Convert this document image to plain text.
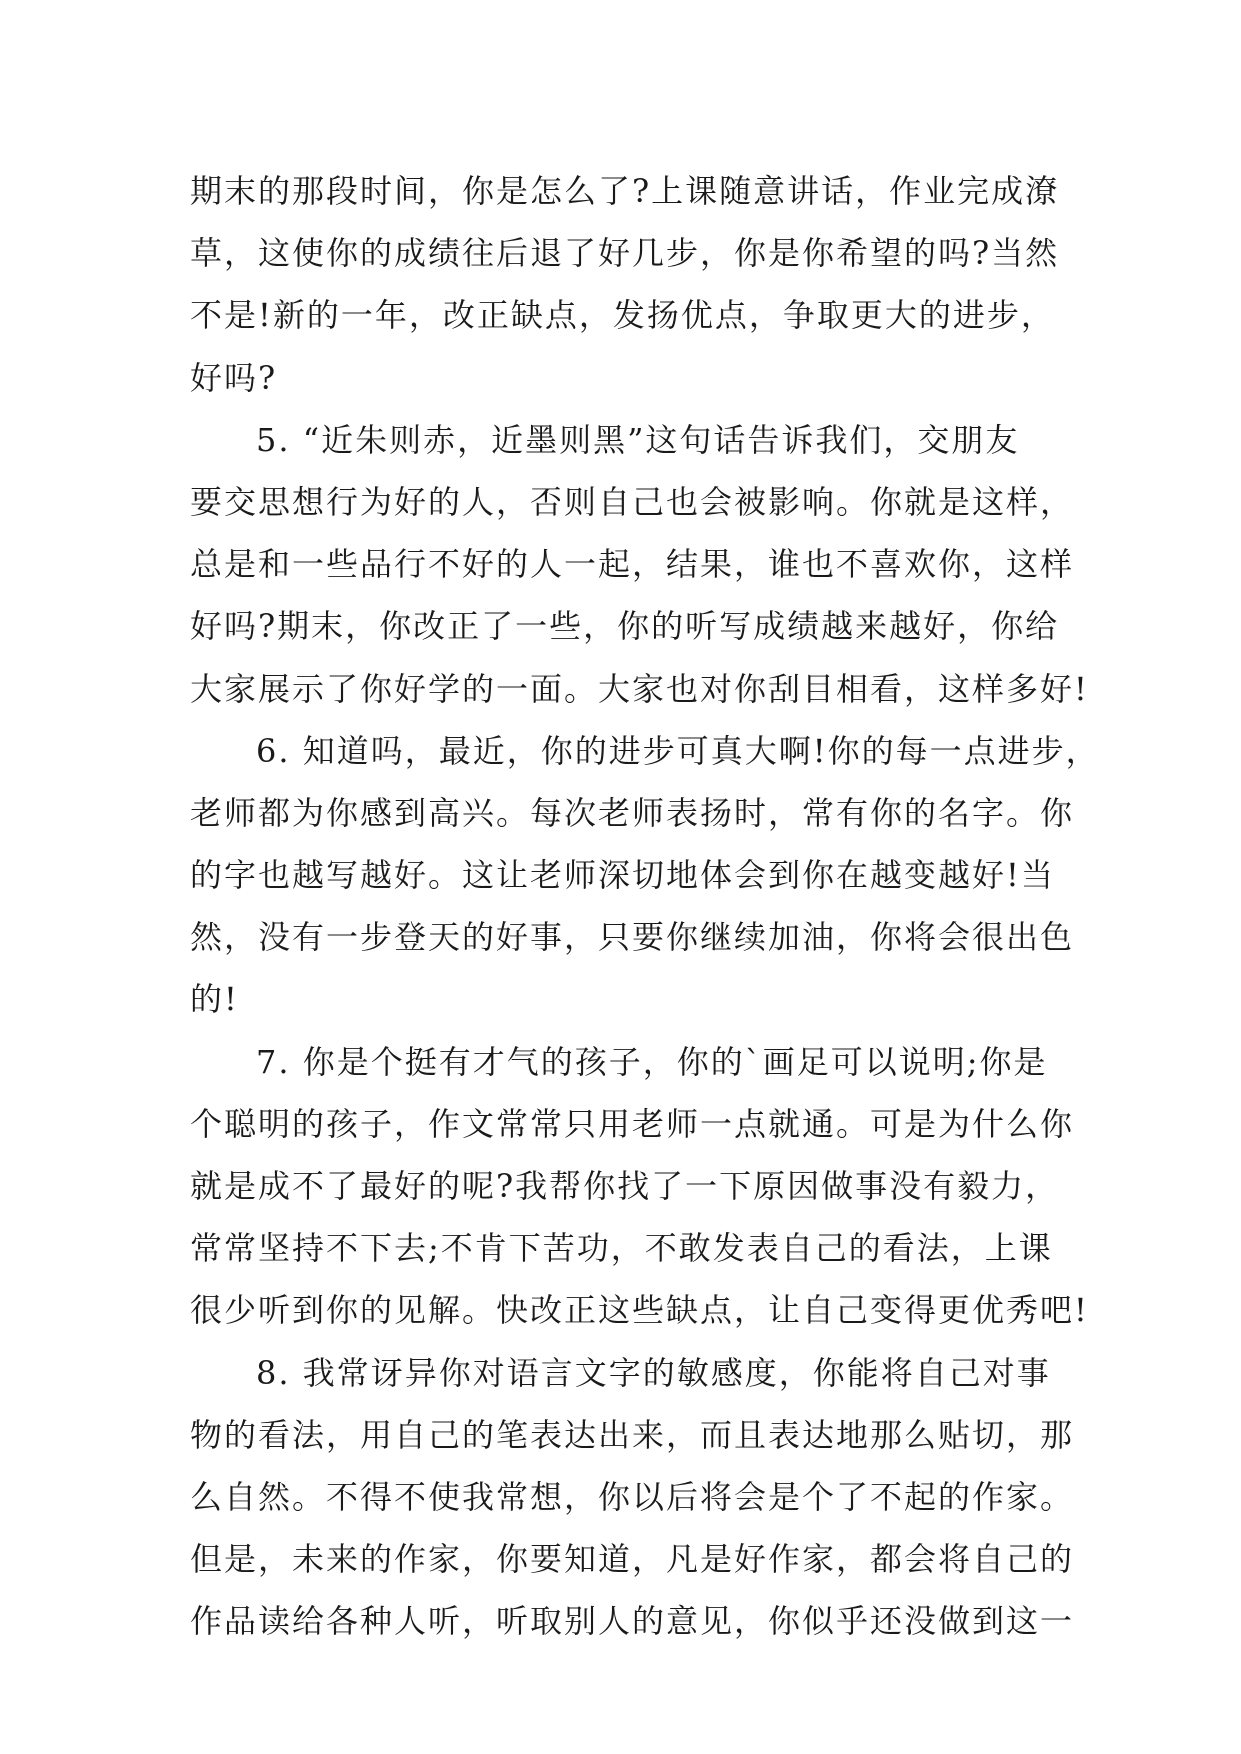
期末的那段时间，你是怎么了?上课随意讲话，作业完成潦
草，这使你的成绩往后退了好几步，你是你希望的吗?当然
不是!新的一年，改正缺点，发扬优点，争取更大的进步，
好吗?
5. “近朱则赤，近墨则黑”这句话告诉我们，交朋友
要交思想行为好的人，否则自己也会被影响。你就是这样，
总是和一些品行不好的人一起，结果，谁也不喜欢你，这样
好吗?期末，你改正了一些，你的听写成绩越来越好，你给
大家展示了你好学的一面。大家也对你刮目相看，这样多好!
6. 知道吗，最近，你的进步可真大啊!你的每一点进步，
老师都为你感到高兴。每次老师表扬时，常有你的名字。你
的字也越写越好。这让老师深切地体会到你在越变越好!当
然，没有一步登天的好事，只要你继续加油，你将会很出色
的!
7. 你是个挺有才气的孩子，你的`画足可以说明;你是
个聪明的孩子，作文常常只用老师一点就通。可是为什么你
就是成不了最好的呢?我帮你找了一下原因做事没有毅力，
常常坚持不下去;不肯下苦功，不敢发表自己的看法，上课
很少听到你的见解。快改正这些缺点，让自己变得更优秀吧!
8. 我常讶异你对语言文字的敏感度，你能将自己对事
物的看法，用自己的笔表达出来，而且表达地那么贴切，那
么自然。不得不使我常想，你以后将会是个了不起的作家。
但是，未来的作家，你要知道，凡是好作家，都会将自己的
作品读给各种人听，听取别人的意见，你似乎还没做到这一
